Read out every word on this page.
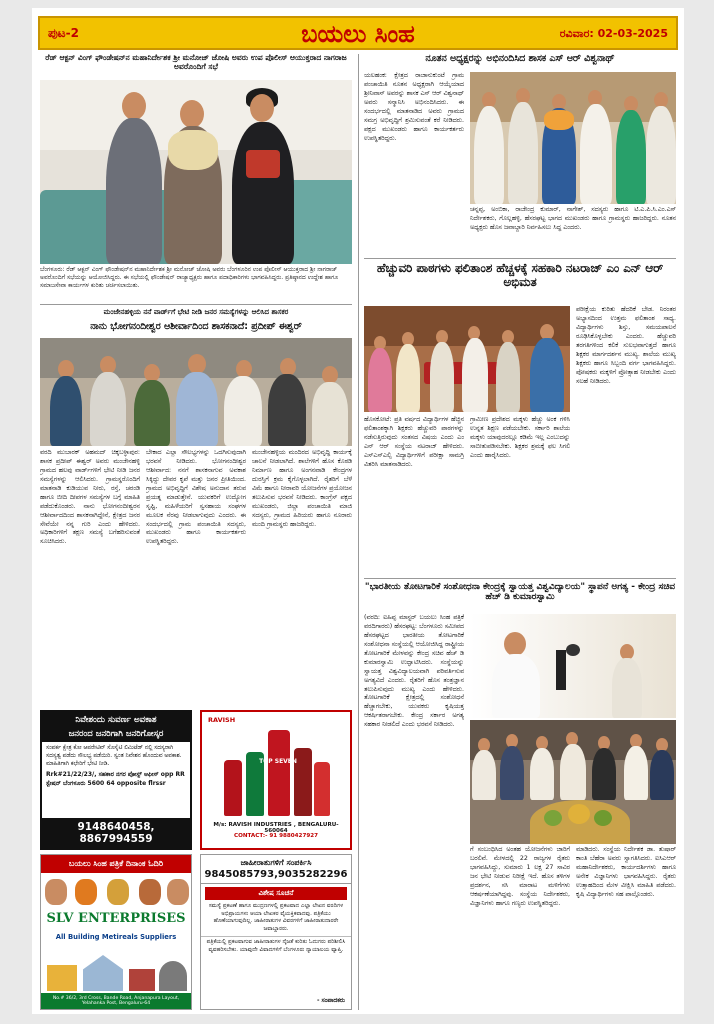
ಪುಟ-2	ಬಯಲು ಸಿಂಹ	ರವಿವಾರ: 02-03-2025
ರೆಡ್ ಆಕ್ಟನ್ ವಿಂಗ್ ಫೌಂಡೇಷನ್‌ನ ಮಹಾನಿರ್ದೇಶಕ ಶ್ರೀ ಮನೋಜ್ ಜೋಷಿ ಅವರು ಉಪ ಪೊಲೀಸ್ ಆಯುಕ್ತರಾದ ನಾಗರಾಜ ಅವರೊಂದಿಗೆ ಸಭೆ
ಬೆಂಗಳೂರು: ರೆಡ್ ಆಕ್ಟನ್ ವಿಂಗ್ ಫೌಂಡೇಷನ್‌ನ ಮಹಾನಿರ್ದೇಶಕ ಶ್ರೀ ಮನೋಜ್ ಜೋಷಿ ಅವರು ಬೆಂಗಳೂರಿನ ಉಪ ಪೊಲೀಸ್ ಆಯುಕ್ತರಾದ ಶ್ರೀ ನಾಗರಾಜ್ ಅವರೊಂದಿಗೆ ಸಭೆಯನ್ನು ಆಯೋಜಿಸಿದ್ದರು. ಈ ಸಭೆಯಲ್ಲಿ ಫೌಂಡೇಷನ್ ರಾಜ್ಯಾಧ್ಯಕ್ಷರು ಹಾಗೂ ಪದಾಧಿಕಾರಿಗಳು ಭಾಗವಹಿಸಿದ್ದರು. ಪ್ರತಿಷ್ಠಾನದ ಉದ್ದೇಶ ಹಾಗೂ ಸಮಾಜಸೇವಾ ಕಾರ್ಯಗಳ ಕುರಿತು ಚರ್ಚಿಸಲಾಯಿತು.
ಮಂಜೇನಹಳ್ಳಿಯ ನನೆ ವಾರ್ಡ್‌ಗೆ ಭೇಟಿ ನೀಡಿ ಜನರ ಸಮಸ್ಯೆಗಳನ್ನು ಆಲಿಸಿದ ಶಾಸಕರ
ನಾನು ಭೋಗನಂದೀಶ್ವರ ಆಶೀರ್ವಾದಿಂದ ಶಾಸಕನಾದೆ: ಪ್ರದೀಪ್ ಈಶ್ವರ್
ವರದಿ ಮುಬಾರಕ್ ಅಹಮದ್ ಚಿಕ್ಕಬಳ್ಳಾಪುರ: ಶಾಸಕ ಪ್ರದೀಪ್ ಈಶ್ವರ್ ಅವರು ಮಂಜೇನಹಳ್ಳಿ ಗ್ರಾಮದ ಹಲವು ವಾರ್ಡ್‌ಗಳಿಗೆ ಭೇಟಿ ನೀಡಿ ಜನರ ಸಮಸ್ಯೆಗಳನ್ನು ಆಲಿಸಿದರು. ಗ್ರಾಮಸ್ಥರೊಂದಿಗೆ ಮಾತನಾಡಿ ಕುಡಿಯುವ ನೀರು, ರಸ್ತೆ, ಚರಂಡಿ ಹಾಗೂ ಬೀದಿ ದೀಪಗಳ ಸಮಸ್ಯೆಗಳ ಬಗ್ಗೆ ಮಾಹಿತಿ ಪಡೆದುಕೊಂಡರು. ನಾನು ಭೋಗನಂದೀಶ್ವರನ ಆಶೀರ್ವಾದದಿಂದ ಶಾಸಕನಾಗಿದ್ದೇನೆ, ಕ್ಷೇತ್ರದ ಜನರ ಸೇವೆಯೇ ನನ್ನ ಗುರಿ ಎಂದು ಹೇಳಿದರು. ಅಧಿಕಾರಿಗಳಿಗೆ ತಕ್ಷಣ ಸಮಸ್ಯೆ ಬಗೆಹರಿಸುವಂತೆ ಸೂಚಿಸಿದರು.
ಬೇಕಾದ ಎಲ್ಲಾ ಸೌಲಭ್ಯಗಳನ್ನು ಒದಗಿಸುವುದಾಗಿ ಭರವಸೆ ನೀಡಿದರು. ಭೋಗನಂದೀಶ್ವರ ಆಶೀರ್ವಾದ: ನನಗೆ ಶಾಸಕನಾಗುವ ಅವಕಾಶ ಸಿಕ್ಕಿದ್ದು ದೇವರ ಕೃಪೆ ಮತ್ತು ಜನರ ಪ್ರೀತಿಯಿಂದ. ಗ್ರಾಮದ ಅಭಿವೃದ್ಧಿಗೆ ವಿಶೇಷ ಅನುದಾನ ತರುವ ಪ್ರಯತ್ನ ಮಾಡುತ್ತೇನೆ. ಯುವಕರಿಗೆ ಉದ್ಯೋಗ ಸೃಷ್ಟಿ, ಮಹಿಳೆಯರಿಗೆ ಸ್ವಸಹಾಯ ಸಂಘಗಳ ಮೂಲಕ ನೆರವು ನೀಡಲಾಗುವುದು ಎಂದರು. ಈ ಸಂದರ್ಭದಲ್ಲಿ ಗ್ರಾಮ ಪಂಚಾಯಿತಿ ಸದಸ್ಯರು, ಮುಖಂಡರು ಹಾಗೂ ಕಾರ್ಯಕರ್ತರು ಉಪಸ್ಥಿತರಿದ್ದರು.
ಮಂಜೇನಹಳ್ಳಿಯ ಮಂದಿರದ ಅಭಿವೃದ್ಧಿ ಕಾರ್ಯಕ್ಕೆ ಚಾಲನೆ ನೀಡಲಾಗಿದೆ. ಶಾಲೆಗಳಿಗೆ ಹೊಸ ಕೊಠಡಿ ನಿರ್ಮಾಣ ಹಾಗೂ ಅಂಗನವಾಡಿ ಕೇಂದ್ರಗಳ ದುರಸ್ತಿಗೆ ಕ್ರಮ ಕೈಗೊಳ್ಳಲಾಗಿದೆ. ರೈತರಿಗೆ ಬೆಳೆ ವಿಮೆ ಹಾಗೂ ನೀರಾವರಿ ಯೋಜನೆಗಳ ಪ್ರಯೋಜನ ತಲುಪಿಸುವ ಭರವಸೆ ನೀಡಿದರು. ಕಾಂಗ್ರೆಸ್ ಪಕ್ಷದ ಮುಖಂಡರು, ಜಿಲ್ಲಾ ಪಂಚಾಯಿತಿ ಮಾಜಿ ಸದಸ್ಯರು, ಗ್ರಾಮದ ಹಿರಿಯರು ಹಾಗೂ ನೂರಾರು ಮಂದಿ ಗ್ರಾಮಸ್ಥರು ಹಾಜರಿದ್ದರು.
ನಿವೇಶಂದು ಸುವರ್ಣ ಅವಕಾಶ
ಜನರಂದ ಜನರಿಗಾಗಿ ಜನರಿಗೋಸ್ಕರ
ಸಂಪರ್ಕ ಕ್ಷೇತ್ರ ಕೋ ಆಪರೇಟಿವ್ ಸೊಸೈಟಿ ಲಿಮಿಟೆಡ್ ನಲ್ಲಿ ಸದಸ್ಯರಾಗಿ ಸದಸ್ಯತ್ವ ಪಡೆದು ಸೌಲಭ್ಯ ಪಡೆಯಿರಿ. ಸ್ವಂತ ನಿವೇಶನ ಹೊಂದುವ ಅವಕಾಶ. ಮಾಹಿತಿಗಾಗಿ ಕಛೇರಿಗೆ ಭೇಟಿ ನೀಡಿ.
Rrk#21/22/23/, ಸಹಕಾರ ನಗರ ಪೋಸ್ಟ್ ಆಫೀಸ್ opp RR ಸ್ಟೇಷನ್ ಬೆಂಗಳೂರು 5600 64 opposite flrssr
9148640458, 8867994559
RAVISH
TOP SEVEN
M/s: RAVISH INDUSTRIES , BENGALURU-560064
CONTACT:- 91 9880427927
ಬಯಲು ಸಿಂಹ ಪತ್ರಿಕೆ ದಿನಾಂಕ ಓದಿರಿ
SLV ENTERPRISES
All Building Metireals Suppliers
No.# 36/2, 3rd Cross, Bande Road, Anjanapura Layout, Yelahanka Post, Bengaluru-64
ಜಾಹೀರಾತುಗಳಿಗೆ ಸಂಪರ್ಕಿಸಿ
9845085793,9035282296
ವಿಶೇಷ ಸೂಚನೆ
ಸಮಸ್ಯೆ ಪ್ರಕಟಣೆ ಹಾಗೂ ಮುದ್ರಣಗಳಲ್ಲಿ ಪ್ರಕಟವಾದ ಎಲ್ಲಾ ಲೇಖನ ವರದಿಗಳ ಅಭಿಪ್ರಾಯಗಳು ಆಯಾ ಲೇಖಕರ ವೈಯಕ್ತಿಕವಾದವು. ಪತ್ರಿಕೆಯು ಹೊಣೆಯಾಗುವುದಿಲ್ಲ. ಜಾಹೀರಾತುಗಳ ವಿವರಗಳಿಗೆ ಜಾಹೀರಾತುದಾರರೇ ಜವಾಬ್ದಾರರು.
ಪತ್ರಿಕೆಯಲ್ಲಿ ಪ್ರಕಟವಾಗುವ ಜಾಹೀರಾತುಗಳ ನೈಜತೆ ಕುರಿತು ಓದುಗರು ಪರಿಶೀಲಿಸಿ ವ್ಯವಹರಿಸಬೇಕು. ಯಾವುದೇ ವಿವಾದಗಳಿಗೆ ಬೆಂಗಳೂರು ನ್ಯಾಯಾಲಯ ವ್ಯಾಪ್ತಿ.
- ಸಂಪಾದಕರು
ನೂತನ ಅಧ್ಯಕ್ಷರನ್ನು ಅಭಿನಂದಿಸಿದ ಶಾಸಕ ಎಸ್ ಆರ್ ವಿಶ್ವನಾಥ್
ಯಲಹಂಕ: ಕ್ಷೇತ್ರದ ರಾಜಾನುಕುಂಟೆ ಗ್ರಾಮ ಪಂಚಾಯಿತಿ ನೂತನ ಅಧ್ಯಕ್ಷರಾಗಿ ಆಯ್ಕೆಯಾದ ಶ್ರೀನಿವಾಸ್ ಅವರನ್ನು ಶಾಸಕ ಎಸ್ ಆರ್ ವಿಶ್ವನಾಥ್ ಅವರು ಸನ್ಮಾನಿಸಿ ಅಭಿನಂದಿಸಿದರು. ಈ ಸಂದರ್ಭದಲ್ಲಿ ಮಾತನಾಡಿದ ಅವರು ಗ್ರಾಮದ ಸಮಗ್ರ ಅಭಿವೃದ್ಧಿಗೆ ಶ್ರಮಿಸುವಂತೆ ಕರೆ ನೀಡಿದರು. ಪಕ್ಷದ ಮುಖಂಡರು ಹಾಗೂ ಕಾರ್ಯಕರ್ತರು ಉಪಸ್ಥಿತರಿದ್ದರು.
ಚನ್ನಪ್ಪ, ಅಂಬಿಕಾ, ರಾಜೇಂದ್ರ ಕುಮಾರ್, ನಾಗೇಶ್, ಸದಸ್ಯರು ಹಾಗೂ ಟಿ.ಎ.ಪಿ.ಸಿ.ಎಂ.ಎಸ್ ನಿರ್ದೇಶಕರು, ಗೊಲ್ಲಹಳ್ಳಿ, ಹೆಸರಘಟ್ಟ ಭಾಗದ ಮುಖಂಡರು ಹಾಗೂ ಗ್ರಾಮಸ್ಥರು ಹಾಜರಿದ್ದರು. ನೂತನ ಅಧ್ಯಕ್ಷರು ಹೊಸ ಜವಾಬ್ದಾರಿ ನಿರ್ವಹಿಸಲು ಸಿದ್ಧ ಎಂದರು.
ಹೆಚ್ಚುವರಿ ಪಾಠಗಳು ಫಲಿತಾಂಶ ಹೆಚ್ಚಳಕ್ಕೆ ಸಹಕಾರಿ ನಟರಾಜ್ ಎಂ ಎನ್ ಆರ್ ಅಭಿಮತ
ಪರೀಕ್ಷೆಯ ಕುರಿತು ಹೆದರಿಕೆ ಬೇಡ. ನಿರಂತರ ಅಭ್ಯಾಸದಿಂದ ಉತ್ತಮ ಫಲಿತಾಂಶ ಸಾಧ್ಯ. ವಿದ್ಯಾರ್ಥಿಗಳು ಶಿಸ್ತು, ಸಮಯಪಾಲನೆ ರೂಢಿಸಿಕೊಳ್ಳಬೇಕು ಎಂದರು. ಹೆಚ್ಚುವರಿ ತರಗತಿಗಳಿಂದ ಕಲಿಕೆ ಸುಲಭವಾಗುತ್ತದೆ ಹಾಗೂ ಶಿಕ್ಷಕರ ಮಾರ್ಗದರ್ಶನ ಮುಖ್ಯ. ಶಾಲೆಯ ಮುಖ್ಯ ಶಿಕ್ಷಕರು ಹಾಗೂ ಸಿಬ್ಬಂದಿ ವರ್ಗ ಭಾಗವಹಿಸಿದ್ದರು. ಪೋಷಕರು ಮಕ್ಕಳಿಗೆ ಪ್ರೋತ್ಸಾಹ ನೀಡಬೇಕು ಎಂದು ಸಲಹೆ ನೀಡಿದರು.
ಹೊಸಕೋಟೆ: ಪ್ರತಿ ವರ್ಷದ ವಿದ್ಯಾರ್ಥಿಗಳ ಹೆಚ್ಚಿನ ಫಲಿತಾಂಶಕ್ಕಾಗಿ ಶಿಕ್ಷಕರು ಹೆಚ್ಚುವರಿ ಪಾಠಗಳನ್ನು ನಡೆಸುತ್ತಿರುವುದು ಸಂತಸದ ವಿಷಯ ಎಂದು ಎಂ ಎನ್ ಆರ್ ಸಂಸ್ಥೆಯ ನಟರಾಜ್ ಹೇಳಿದರು. ಎಸ್ಎಸ್ಎಲ್ಸಿ ವಿದ್ಯಾರ್ಥಿಗಳಿಗೆ ಪರೀಕ್ಷಾ ಸಾಮಗ್ರಿ ವಿತರಿಸಿ ಮಾತನಾಡಿದರು.
ಗ್ರಾಮೀಣ ಪ್ರದೇಶದ ಮಕ್ಕಳು ಹೆಚ್ಚು ಅಂಕ ಗಳಿಸಿ ಉನ್ನತ ಶಿಕ್ಷಣ ಪಡೆಯಬೇಕು. ಸರ್ಕಾರಿ ಶಾಲೆಯ ಮಕ್ಕಳು ಯಾವುದರಲ್ಲೂ ಕಡಿಮೆ ಇಲ್ಲ ಎಂಬುದನ್ನು ಸಾಬೀತುಪಡಿಸಬೇಕು. ಶಿಕ್ಷಕರ ಶ್ರಮಕ್ಕೆ ಫಲ ಸಿಗಲಿ ಎಂದು ಹಾರೈಸಿದರು.
"ಭಾರತೀಯ ತೋಟಗಾರಿಕೆ ಸಂಶೋಧನಾ ಕೇಂದ್ರಕ್ಕೆ ಸ್ವಾಯತ್ತ ವಿಶ್ವವಿದ್ಯಾಲಯ" ಸ್ಥಾಪನೆ ಅಗತ್ಯ - ಕೇಂದ್ರ ಸಚಿವ ಹೆಚ್ ಡಿ ಕುಮಾರಸ್ವಾಮಿ
(ವರದಿ: ಐಹಿಪ್ಪ ಮಾಸ್ಟರ್ ಬಯಲು ಸಿಂಹ ಪತ್ರಿಕೆ ವರದಿಗಾರರು) ಹೆಸರಘಟ್ಟ: ಬೆಂಗಳೂರು ಸಮೀಪದ ಹೆಸರಘಟ್ಟದ ಭಾರತೀಯ ತೋಟಗಾರಿಕೆ ಸಂಶೋಧನಾ ಸಂಸ್ಥೆಯಲ್ಲಿ ಆಯೋಜಿಸಿದ್ದ ರಾಷ್ಟ್ರೀಯ ತೋಟಗಾರಿಕೆ ಮೇಳವನ್ನು ಕೇಂದ್ರ ಸಚಿವ ಹೆಚ್ ಡಿ ಕುಮಾರಸ್ವಾಮಿ ಉದ್ಘಾಟಿಸಿದರು. ಸಂಸ್ಥೆಯನ್ನು ಸ್ವಾಯತ್ತ ವಿಶ್ವವಿದ್ಯಾಲಯವಾಗಿ ಪರಿವರ್ತಿಸುವ ಅಗತ್ಯವಿದೆ ಎಂದರು. ರೈತರಿಗೆ ಹೊಸ ತಂತ್ರಜ್ಞಾನ ತಲುಪಿಸುವುದು ಮುಖ್ಯ ಎಂದು ಹೇಳಿದರು. ತೋಟಗಾರಿಕೆ ಕ್ಷೇತ್ರದಲ್ಲಿ ಸಂಶೋಧನೆ ಹೆಚ್ಚಾಗಬೇಕು, ಯುವಕರು ಕೃಷಿಯತ್ತ ಆಕರ್ಷಿತರಾಗಬೇಕು. ಕೇಂದ್ರ ಸರ್ಕಾರ ಅಗತ್ಯ ಸಹಕಾರ ನೀಡಲಿದೆ ಎಂದು ಭರವಸೆ ನೀಡಿದರು.
ಗೆ ಸಂಬಂಧಿಸಿದ ಅಂತಹ ಯೋಜನೆಗಳು ಜಾರಿಗೆ ಬರಲಿವೆ. ಮೇಳದಲ್ಲಿ 22 ರಾಜ್ಯಗಳ ರೈತರು ಭಾಗವಹಿಸಿದ್ದು, ಸುಮಾರು 1 ಲಕ್ಷ 27 ಸಾವಿರ ಜನ ಭೇಟಿ ನೀಡುವ ನಿರೀಕ್ಷೆ ಇದೆ. ಹೊಸ ತಳಿಗಳ ಪ್ರದರ್ಶನ, ಸಸಿ ಮಾರಾಟ ಮಳಿಗೆಗಳು ಆಕರ್ಷಣೆಯಾಗಿದ್ದವು. ಸಂಸ್ಥೆಯ ನಿರ್ದೇಶಕರು, ವಿಜ್ಞಾನಿಗಳು ಹಾಗೂ ಗಣ್ಯರು ಉಪಸ್ಥಿತರಿದ್ದರು.
ಮಾಡಿದರು. ಸಂಸ್ಥೆಯ ನಿರ್ದೇಶಕ ಡಾ. ತುಷಾರ್ ಕಾಂತಿ ಬೆಹೆರಾ ಅವರು ಸ್ವಾಗತಿಸಿದರು. ಐಸಿಎಆರ್ ಮಹಾನಿರ್ದೇಶಕರು, ಕಾರ್ಯದರ್ಶಿಗಳು ಹಾಗೂ ಅನೇಕ ವಿಜ್ಞಾನಿಗಳು ಭಾಗವಹಿಸಿದ್ದರು. ರೈತರು ಉತ್ಸಾಹದಿಂದ ಮೇಳ ವೀಕ್ಷಿಸಿ ಮಾಹಿತಿ ಪಡೆದರು. ಕೃಷಿ ವಿದ್ಯಾರ್ಥಿಗಳು ಸಹ ಪಾಲ್ಗೊಂಡರು.
